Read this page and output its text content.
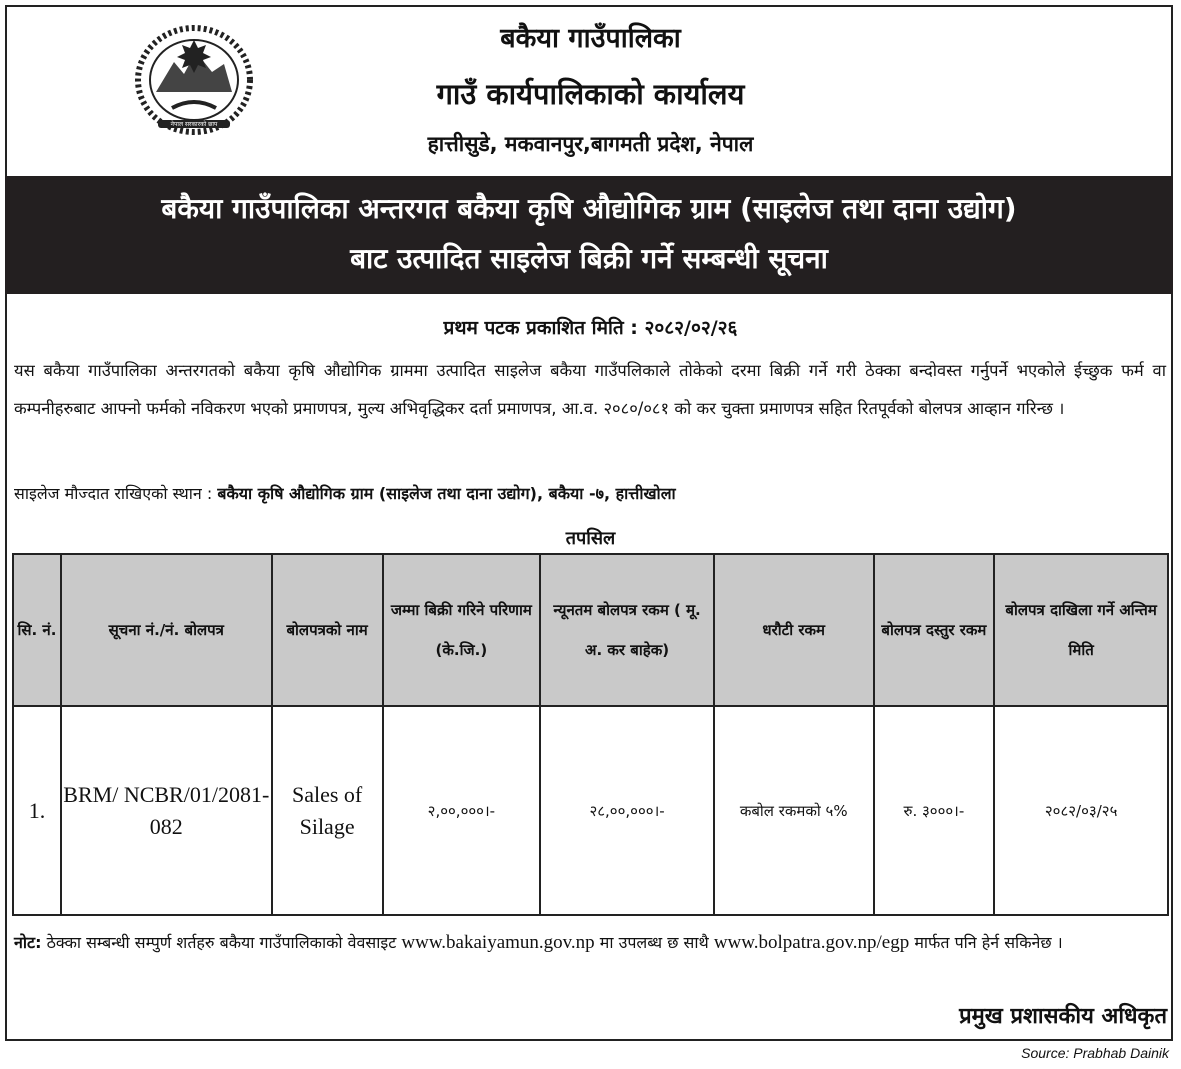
नेपाल सरकारको छाप
बकैया गाउँपालिका
गाउँ कार्यपालिकाको कार्यालय
हात्तीसुडे, मकवानपुर,बागमती प्रदेश, नेपाल
बकैया गाउँपालिका अन्तरगत बकैया कृषि औद्योगिक ग्राम (साइलेज तथा दाना उद्योग)
बाट उत्पादित साइलेज बिक्री गर्ने सम्बन्धी सूचना
प्रथम पटक प्रकाशित मिति : २०८२/०२/२६
यस बकैया गाउँपालिका अन्तरगतको बकैया कृषि औद्योगिक ग्राममा उत्पादित साइलेज बकैया गाउँपलिकाले तोकेको दरमा बिक्री गर्ने गरी ठेक्का बन्दोवस्त गर्नुपर्ने भएकोले ईच्छुक फर्म वा कम्पनीहरुबाट आफ्नो फर्मको नविकरण भएको प्रमाणपत्र, मुल्य अभिवृद्धिकर दर्ता प्रमाणपत्र, आ.व. २०८०/०८१ को कर चुक्ता प्रमाणपत्र सहित रितपूर्वको बोलपत्र आव्हान गरिन्छ ।
साइलेज मौज्दात राखिएको स्थान : बकैया कृषि औद्योगिक ग्राम (साइलेज तथा दाना उद्योग), बकैया -७, हात्तीखोला
तपसिल
सि. नं.	सूचना नं./नं. बोलपत्र	बोलपत्रको नाम	जम्मा बिक्री गरिने परिणाम (के.जि.)	न्यूनतम बोलपत्र रकम ( मू. अ. कर बाहेक)	धरौटी रकम	बोलपत्र दस्तुर रकम	बोलपत्र दाखिला गर्ने अन्तिम मिति
1.	BRM/ NCBR/01/2081- 082	Sales of Silage	२,००,०००।-	२८,००,०००।-	कबोल रकमको ५%	रु. ३०००।-	२०८२/०३/२५
नोट: ठेक्का सम्बन्धी सम्पुर्ण शर्तहरु बकैया गाउँपालिकाको वेवसाइट www.bakaiyamun.gov.np मा उपलब्ध छ साथै www.bolpatra.gov.np/egp मार्फत पनि हेर्न सकिनेछ ।
प्रमुख प्रशासकीय अधिकृत
Source: Prabhab Dainik
